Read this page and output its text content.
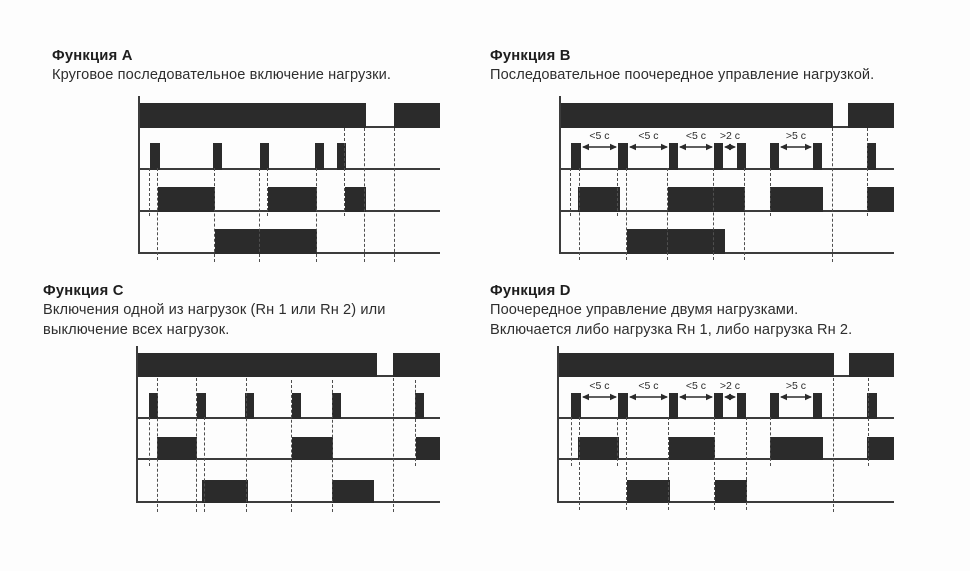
Функция A
Круговое последовательное включение нагрузки.
Функция B
Последовательное поочередное управление нагрузкой.
<5 с	<5 с	<5 с	>2 с	>5 с
Функция C
Включения одной из нагрузок (Rн 1 или Rн 2) или
выключение всех нагрузок.
Функция D
Поочередное управление двумя нагрузками.
Включается либо нагрузка Rн 1, либо нагрузка Rн 2.
<5 с	<5 с	<5 с	>2 с	>5 с
